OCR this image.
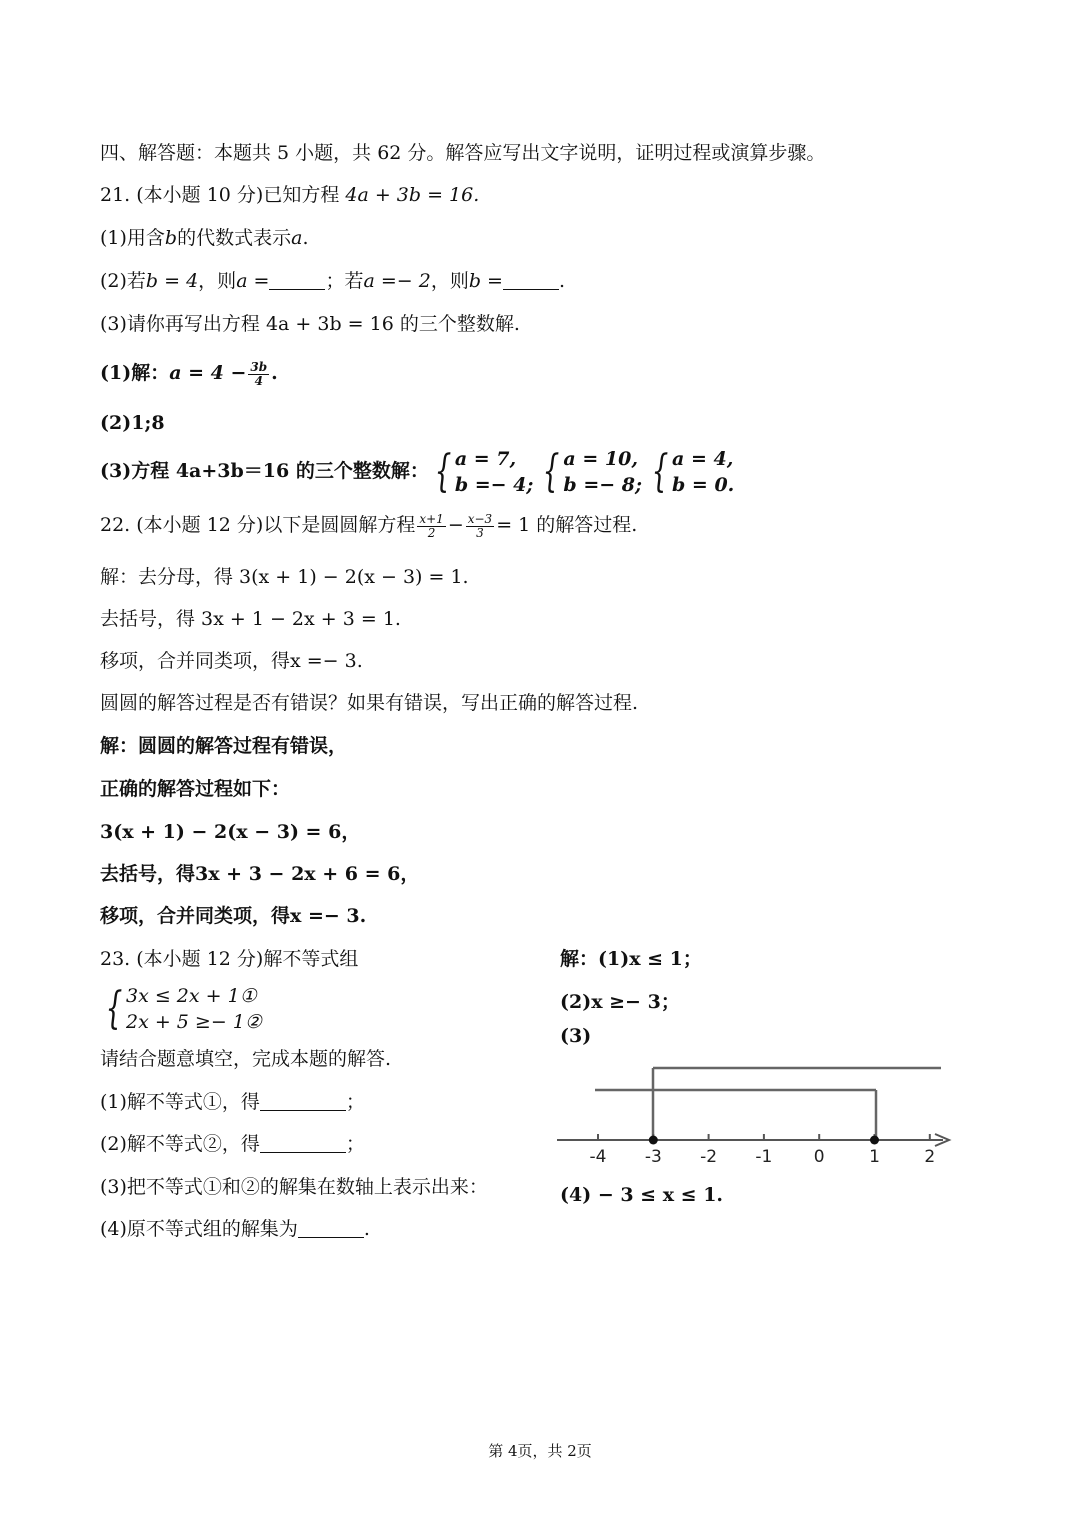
四、解答题：本题共 5 小题，共 62 分。解答应写出文字说明，证明过程或演算步骤。
21. (本小题 10 分)已知方程 4a + 3b = 16.
(1)用含b的代数式表示a.
(2)若b = 4，则a =	；若a =− 2，则b =	.
(3)请你再写出方程 4a + 3b = 16 的三个整数解.
(1)解：$a = 4 - \frac{3b}{4}$ .
(2)1;8
(3)方程 4a+3b＝16 的三个整数解： { a = 7,
b =− 4; { a = 10,
b =− 8; { a = 4,
b = 0.
22. (本小题 12 分)以下是圆圆解方程 $\frac{x+1}{2} - \frac{x-3}{3} = 1$ 的解答过程.
解：去分母，得 3(x + 1) − 2(x − 3) = 1.
去括号，得 3x + 1 − 2x + 3 = 1.
移项，合并同类项，得x =− 3.
圆圆的解答过程是否有错误？如果有错误，写出正确的解答过程.
解：圆圆的解答过程有错误，
正确的解答过程如下：
3(x + 1) − 2(x − 3) = 6，
去括号，得3x + 3 − 2x + 6 = 6，
移项，合并同类项，得x =− 3.
23. (本小题 12 分)解不等式组
{ 3x ≤ 2x + 1①
2x + 5 ≥− 1②
请结合题意填空，完成本题的解答.
(1)解不等式①，得	；
(2)解不等式②，得	；
(3)把不等式①和②的解集在数轴上表示出来：
(4)原不等式组的解集为	.
解：(1)x ≤ 1；
(2)x ≥− 3；
(3)
-4 -3 -2 -1 0	1	2
(4) − 3 ≤ x ≤ 1.
第 4页，共 2页
